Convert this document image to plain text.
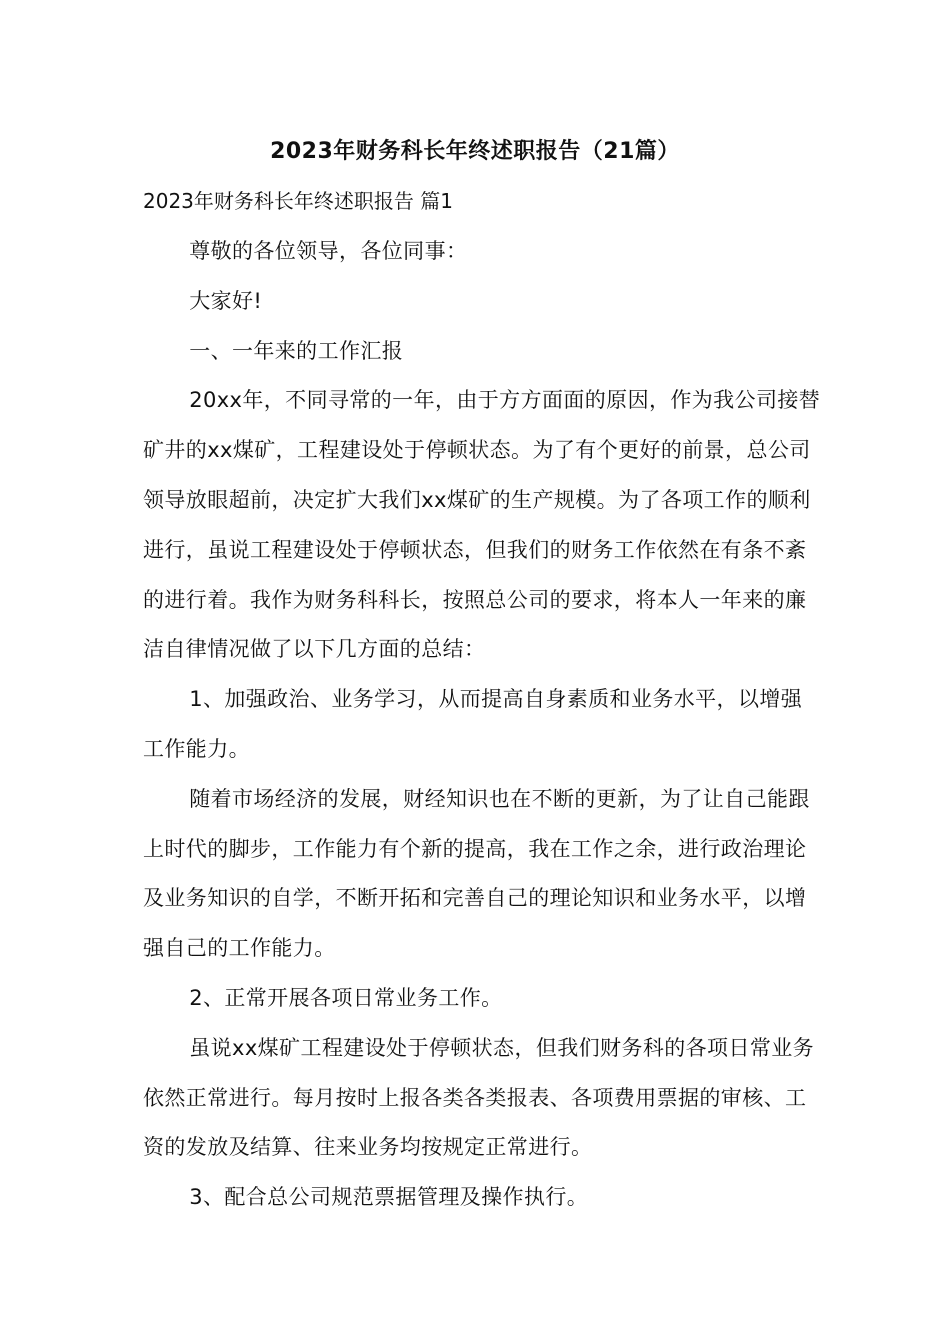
2023年财务科长年终述职报告（21篇）
2023年财务科长年终述职报告 篇1

尊敬的各位领导，各位同事：

大家好!

一、一年来的工作汇报

20xx年，不同寻常的一年，由于方方面面的原因，作为我公司接替矿井的xx煤矿，工程建设处于停顿状态。为了有个更好的前景，总公司领导放眼超前，决定扩大我们xx煤矿的生产规模。为了各项工作的顺利进行，虽说工程建设处于停顿状态，但我们的财务工作依然在有条不紊的进行着。我作为财务科科长，按照总公司的要求，将本人一年来的廉洁自律情况做了以下几方面的总结：

1、加强政治、业务学习，从而提高自身素质和业务水平，以增强工作能力。

随着市场经济的发展，财经知识也在不断的更新，为了让自己能跟上时代的脚步，工作能力有个新的提高，我在工作之余，进行政治理论及业务知识的自学，不断开拓和完善自己的理论知识和业务水平，以增强自己的工作能力。

2、正常开展各项日常业务工作。

虽说xx煤矿工程建设处于停顿状态，但我们财务科的各项日常业务依然正常进行。每月按时上报各类各类报表、各项费用票据的审核、工资的发放及结算、往来业务均按规定正常进行。

3、配合总公司规范票据管理及操作执行。
